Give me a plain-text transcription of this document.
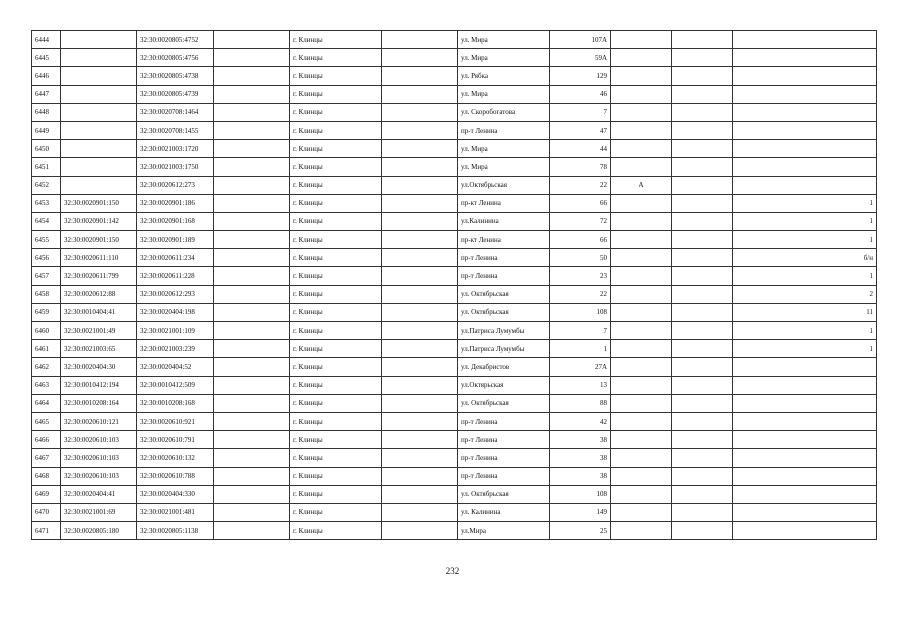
6444		32:30:0020805:4752		г. Клинцы		ул. Мира	107А			
6445		32:30:0020805:4756		г. Клинцы		ул. Мира	59А			
6446		32:30:0020805:4738		г. Клинцы		ул. Рябка	129			
6447		32:30:0020805:4739		г. Клинцы		ул. Мира	46			
6448		32:30:0020708:1464		г. Клинцы		ул. Скоробогатова	7			
6449		32:30:0020708:1455		г. Клинцы		пр-т Ленина	47			
6450		32:30:0021003:1720		г. Клинцы		ул. Мира	44			
6451		32:30:0021003:1750		г. Клинцы		ул. Мира	78			
6452		32:30:0020612:273		г. Клинцы		ул.Октябрьская	22	А		
6453	32:30:0020901:150	32:30:0020901:186		г. Клинцы		пр-кт Ленина	66			1
6454	32:30:0020901:142	32:30:0020901:168		г. Клинцы		ул.Калинина	72			1
6455	32:30:0020901:150	32:30:0020901:189		г. Клинцы		пр-кт Ленина	66			1
6456	32:30:0020611:110	32:30:0020611:234		г. Клинцы		пр-т Ленина	50			б/н
6457	32:30:0020611:799	32:30:0020611:228		г. Клинцы		пр-т Ленина	23			1
6458	32:30:0020612:88	32:30:0020612:293		г. Клинцы		ул. Октябрьская	22			2
6459	32:30:0010404:41	32:30:0020404:198		г. Клинцы		ул. Октябрьская	108			11
6460	32:30:0021001:49	32:30:0021001:109		г. Клинцы		ул.Патриса Лумумбы	7			1
6461	32:30:0021003:65	32:30:0021003:239		г. Клинцы		ул.Патриса Лумумбы	1			1
6462	32:30:0020404:30	32:30:0020404:52		г. Клинцы		ул. Декабристов	27А			
6463	32:30:0010412:194	32:30:0010412:509		г. Клинцы		ул.Октярьская	13			
6464	32:30:0010208:164	32:30:0010208:168		г. Клинцы		ул. Октябрьская	88			
6465	32:30:0020610:121	32:30:0020610:921		г. Клинцы		пр-т Ленина	42			
6466	32:30:0020610:103	32:30:0020610:791		г. Клинцы		пр-т Ленина	38			
6467	32:30:0020610:103	32:30:0020610:132		г. Клинцы		пр-т Ленина	38			
6468	32:30:0020610:103	32:30:0020610:788		г. Клинцы		пр-т Ленина	38			
6469	32:30:0020404:41	32:30:0020404:330		г. Клинцы		ул. Октябрьская	108			
6470	32:30:0021001:69	32:30:0021001:481		г. Клинцы		ул. Калинина	149			
6471	32:30:0020805:180	32:30:0020805:1138		г. Клинцы		ул.Мира	25			
232
